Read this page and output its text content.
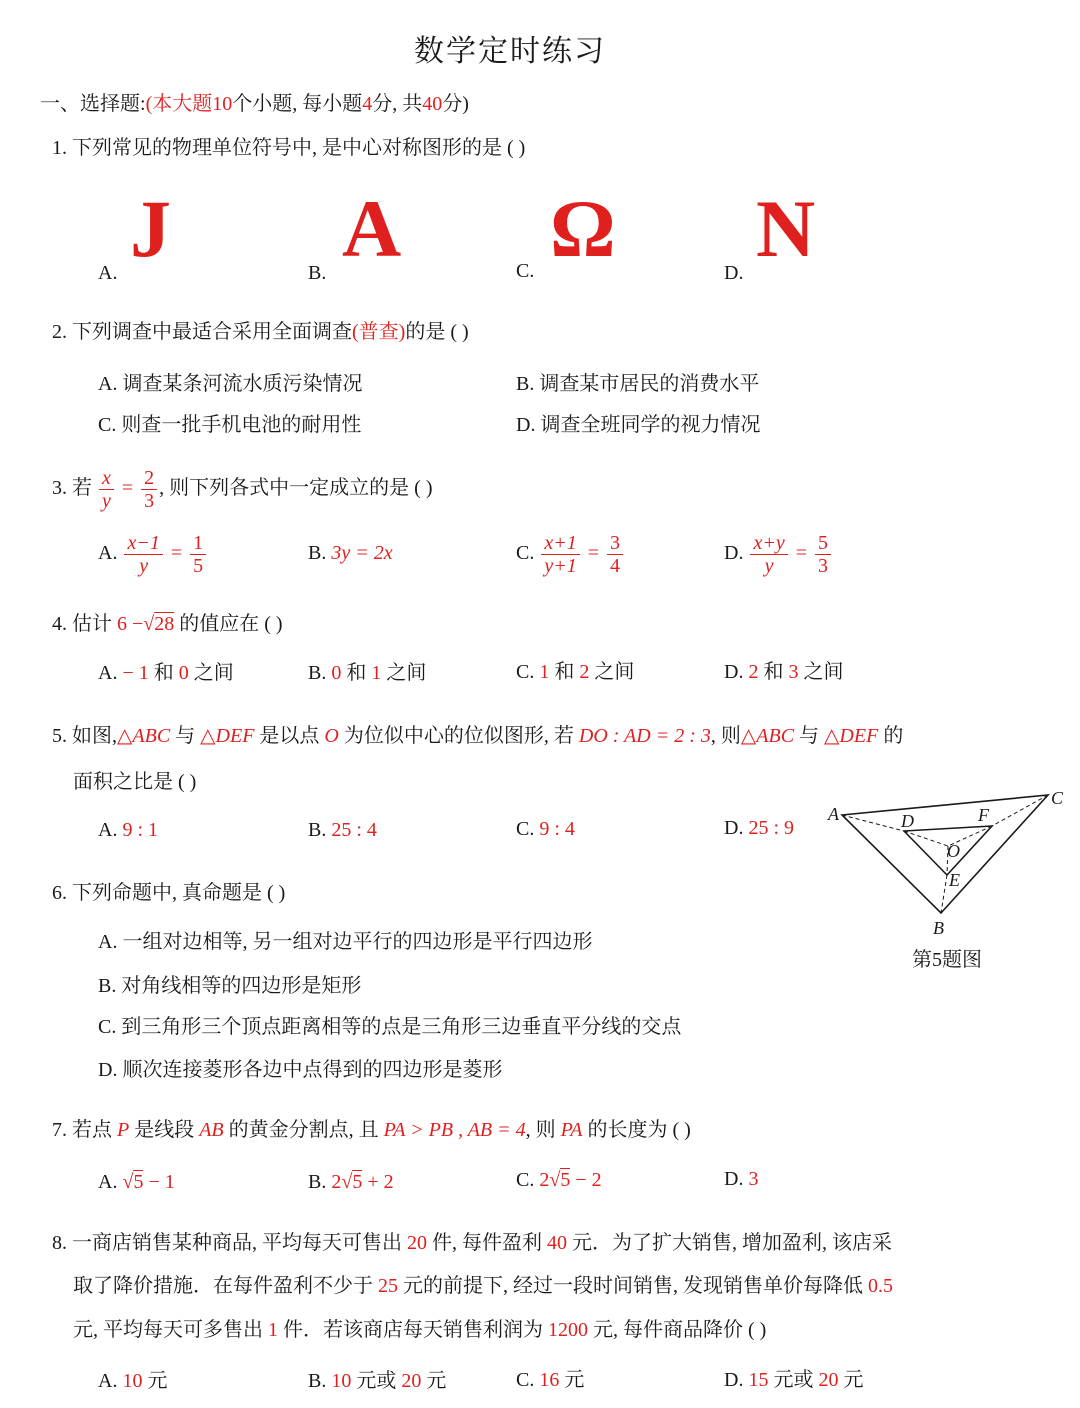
数学定时练习
一、选择题:(本大题10个小题, 每小题4分, 共40分)
1. 下列常见的物理单位符号中, 是中心对称图形的是 ( )
A. J	B. A	C. Ω	D. N
2. 下列调查中最适合采用全面调查(普查)的是 ( )
A. 调查某条河流水质污染情况	B. 调查某市居民的消费水平
C. 则查一批手机电池的耐用性	D. 调查全班同学的视力情况
3. 若 $\frac{x}{y} = \frac{2}{3}$ , 则下列各式中一定成立的是 ( )
A. $\frac{x-1}{y} = \frac{1}{5}$	B. 3y = 2x	C. $\frac{x+1}{y+1} = \frac{3}{4}$	D. $\frac{x+y}{y} = \frac{5}{3}$
4. 估计 6 −√28 的值应在 ( )
A. − 1 和 0 之间	B. 0 和 1 之间	C. 1 和 2 之间	D. 2 和 3 之间
5. 如图,△ABC 与 △DEF 是以点 O 为位似中心的位似图形, 若 DO : AD = 2 : 3, 则△ABC 与 △DEF 的
面积之比是 ( )
A. 9 : 1	B. 25 : 4	C. 9 : 4	D. 25 : 9
A
C
B
D	F
O
E
第5题图
6. 下列命题中, 真命题是 ( )
A. 一组对边相等, 另一组对边平行的四边形是平行四边形
B. 对角线相等的四边形是矩形
C. 到三角形三个顶点距离相等的点是三角形三边垂直平分线的交点
D. 顺次连接菱形各边中点得到的四边形是菱形
7. 若点 P 是线段 AB 的黄金分割点, 且 PA > PB , AB = 4, 则 PA 的长度为 ( )
A. √5 − 1	B. 2√5 + 2	C. 2√5 − 2	D. 3
8. 一商店销售某种商品, 平均每天可售出 20 件, 每件盈利 40 元．为了扩大销售, 增加盈利, 该店采
取了降价措施．在每件盈利不少于 25 元的前提下, 经过一段时间销售, 发现销售单价每降低 0.5
元, 平均每天可多售出 1 件．若该商店每天销售利润为 1200 元, 每件商品降价 ( )
A. 10 元	B. 10 元或 20 元	C. 16 元	D. 15 元或 20 元
